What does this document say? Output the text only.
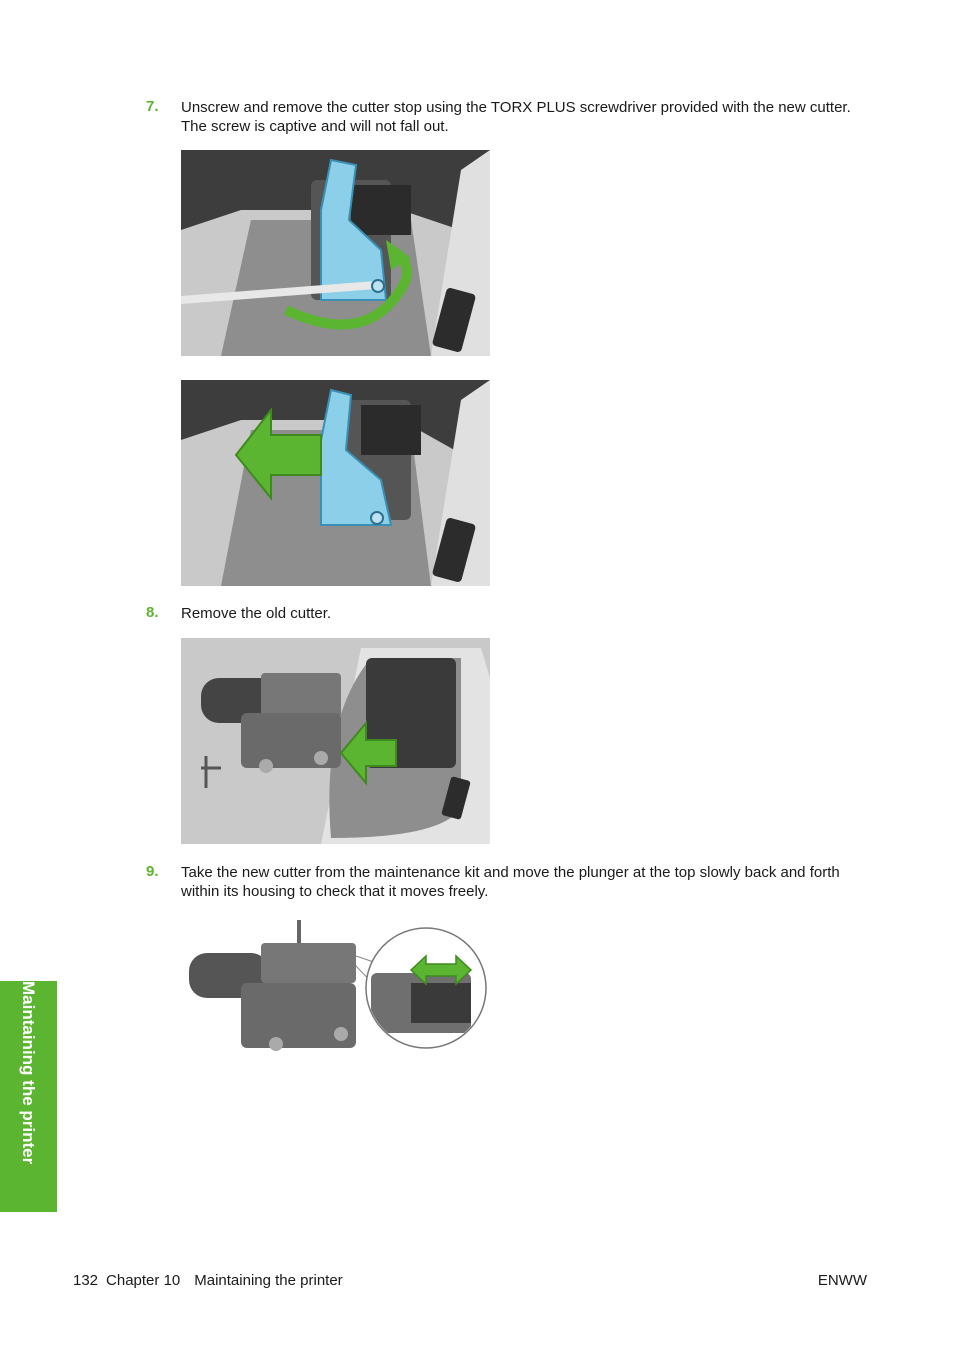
7. Unscrew and remove the cutter stop using the TORX PLUS screwdriver provided with the new cutter. The screw is captive and will not fall out.
8. Remove the old cutter.
9. Take the new cutter from the maintenance kit and move the plunger at the top slowly back and forth within its housing to check that it moves freely.
Maintaining the printer
132 Chapter 10 Maintaining the printer	ENWW
